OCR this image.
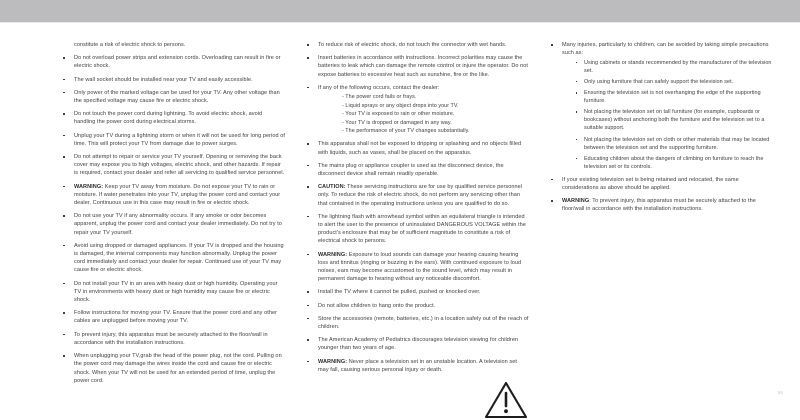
constitute a risk of electric shock to persons.
Do not overload power strips and extension cords. Overloading can result in fire or electric shock.
The wall socket should be installed near your TV and easily accessible.
Only power of the marked voltage can be used for your TV. Any other voltage than the specified voltage may cause fire or electric shock.
Do not touch the power cord during lightning. To avoid electric shock, avoid handling the power cord during electrical storms.
Unplug your TV during a lightning storm or when it will not be used for long period of time. This will protect your TV from damage due to power surges.
Do not attempt to repair or service your TV yourself. Opening or removing the back cover may expose you to high voltages, electric shock, and other hazards. If repair is required, contact your dealer and refer all servicing to qualified service personnel.
WARNING: Keep your TV away from moisture. Do not expose your TV to rain or moisture. If water penetrates into your TV, unplug the power cord and contact your dealer. Continuous use in this case may result in fire or electric shock.
Do not use your TV if any abnormality occurs. If any smoke or odor becomes apparent, unplug the power cord and contact your dealer immediately. Do not try to repair your TV yourself.
Avoid using dropped or damaged appliances. If your TV is dropped and the housing is damaged, the internal components may function abnormally. Unplug the power cord immediately and contact your dealer for repair. Continued use of your TV may cause fire or electric shock.
Do not install your TV in an area with heavy dust or high humidity. Operating your TV in environments with heavy dust or high humidity may cause fire or electric shock.
Follow instructions for moving your TV. Ensure that the power cord and any other cables are unplugged before moving your TV.
To prevent injury, this apparatus must be securely attached to the floor/wall in accordance with the installation instructions.
When unplugging your TV,grab the head of the power plug, not the cord. Pulling on the power cord may damage the wires inside the cord and cause fire or electric shock. When your TV will not be used for an extended period of time, unplug the power cord.
To reduce risk of electric shock, do not touch the connector with wet hands.
Insert batteries in accordance with instructions. Incorrect polarities may cause the batteries to leak which can damage the remote control or injure the operator. Do not expose batteries to excessive heat such as sunshine, fire or the like.
If any of the following occurs, contact the dealer:
- The power cord fails or frays.
- Liquid sprays or any object drops into your TV.
- Your TV is exposed to rain or other moisture.
- Your TV is dropped or damaged in any way.
- The performance of your TV changes substantially.
This apparatus shall not be exposed to dripping or splashing and no objects filled with liquids, such as vases, shall be placed on the apparatus.
The mains plug or appliance coupler is used as the disconnect device, the disconnect device shall remain readily operable.
CAUTION: These servicing instructions are for use by qualified service personnel only. To reduce the risk of electric shock, do not perform any servicing other than that contained in the operating instructions unless you are qualified to do so.
The lightning flash with arrowhead symbol within an equilateral triangle is intended to alert the user to the presence of uninsulated DANGEROUS VOLTAGE within the product's enclosure that may be of sufficient magnitude to constitute a risk of electrical shock to persons.
WARNING: Exposure to loud sounds can damage your hearing causing hearing loss and tinnitus (ringing or buzzing in the ears). With continued exposure to loud noises, ears may become accustomed to the sound level, which may result in permanent damage to hearing without any noticeable discomfort.
Install the TV where it cannot be pulled, pushed or knocked over.
Do not allow children to hang onto the product.
Store the accessories (remote, batteries, etc.) in a location safely out of the reach of children.
The American Academy of Pediatrics discourages television viewing for children younger than two years of age.
WARNING: Never place a television set in an unstable location. A television set may fall, causing serious personal injury or death.
Many injuries, particularly to children, can be avoided by taking simple precautions such as:
Using cabinets or stands recommended by the manufacturer of the television set.
Only using furniture that can safely support the television set.
Ensuring the television set is not overhanging the edge of the supporting furniture.
Not placing the television set on tall furniture (for example, cupboards or bookcases) without anchoring both the furniture and the television set to a suitable support.
Not placing the television set on cloth or other materials that may be located between the television set and the supporting furniture.
Educating children about the dangers of climbing on furniture to reach the television set or its controls.
If your existing television set is being retained and relocated, the same considerations as above should be applied.
WARNING: To prevent injury, this apparatus must be securely attached to the floor/wall in accordance with the installation instructions.
66
